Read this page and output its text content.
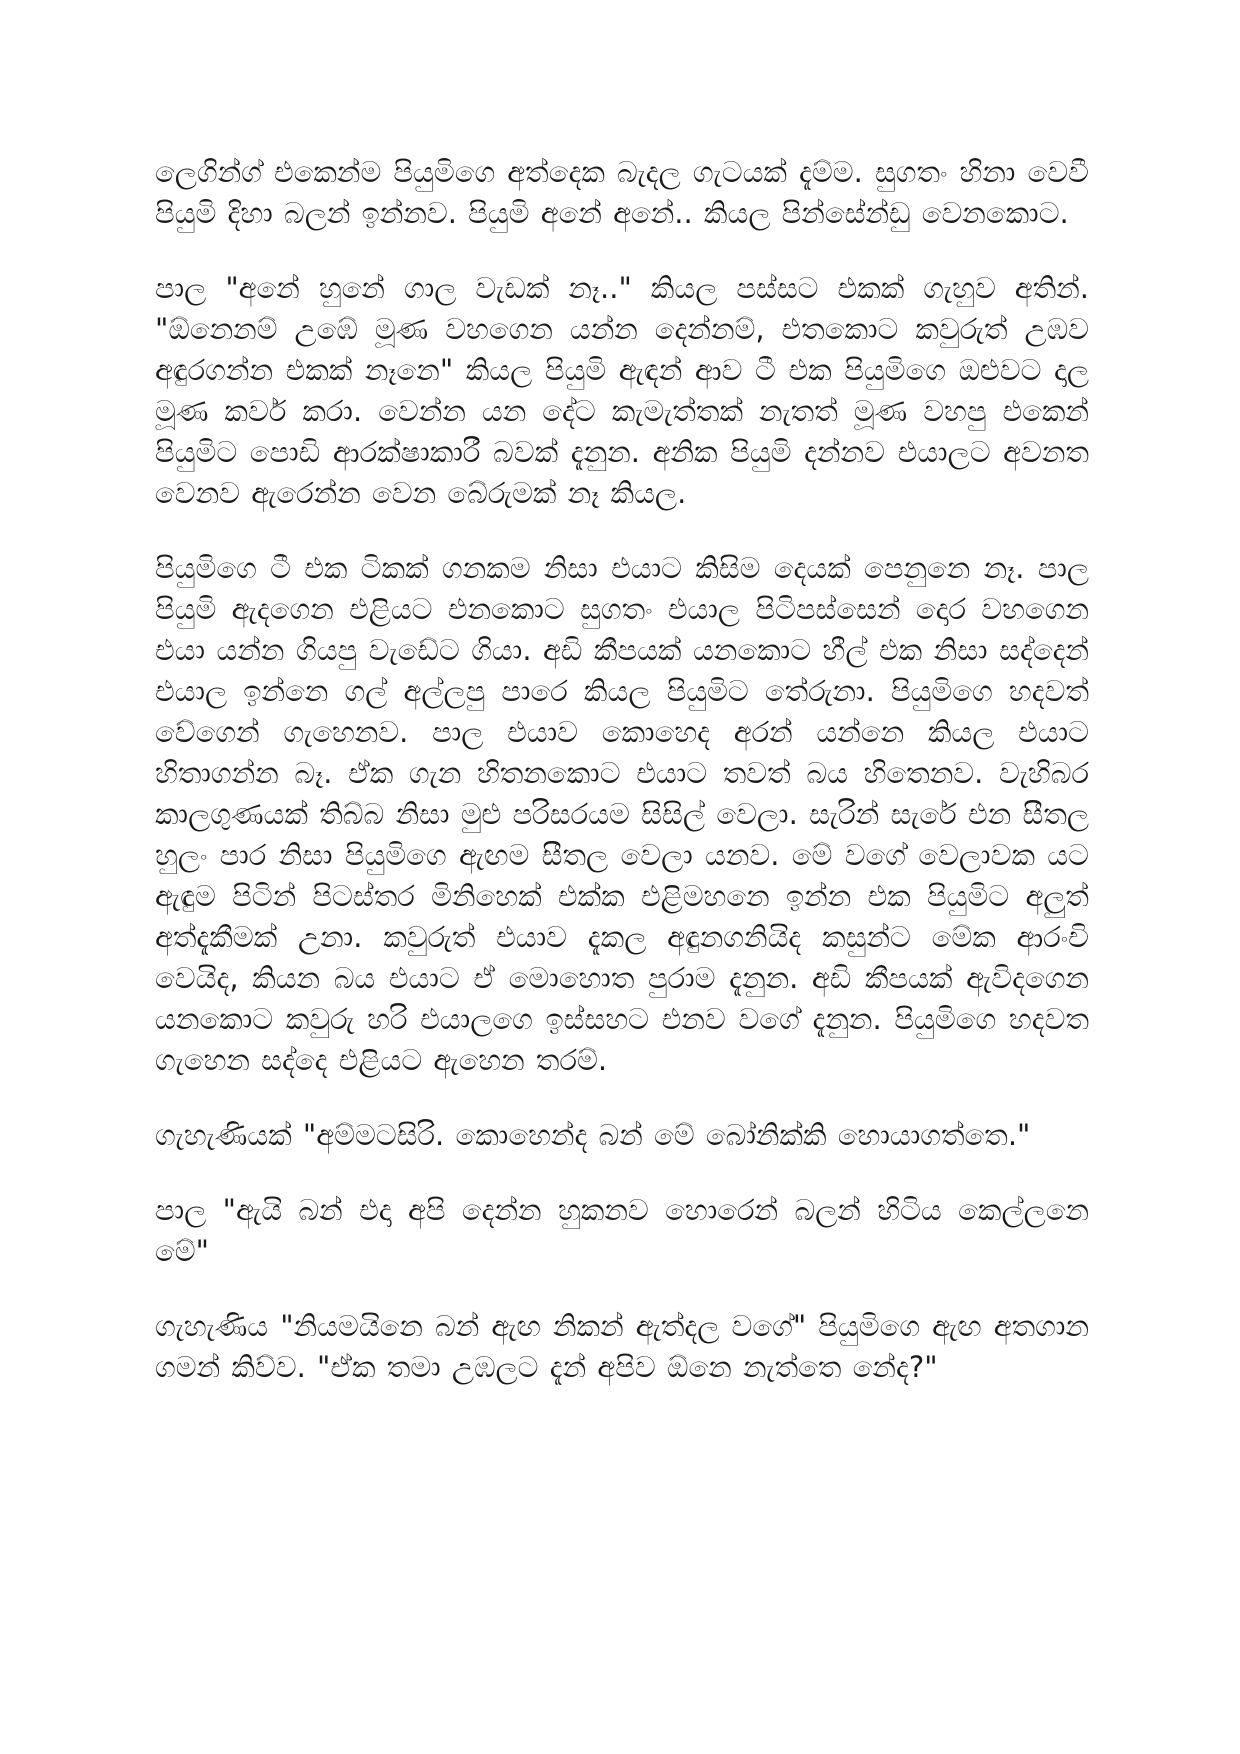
ලෙගින්ග් එකෙන්ම පියුමිගෙ අත්දෙක බැදල ගැටයක් දැම්ම. සුගතං හිනා වෙවී පියුමි දිහා බලන් ඉන්නව. පියුමි අනේ අනේ.. කියල පින්සේන්ඩු වෙනකොට.

පාල "අනේ හුනේ ගාල වැඩක් නෑ.." කියල පස්සට එකක් ගැහුව අතින්. "ඕනෙනම් උඹේ මූණ වහගෙන යන්න දෙන්නම්, එතකොට කවුරුත් උඹව අඳුරගන්න එකක් නෑනෙ" කියල පියුමි ඇඳන් ආව ටී එක පියුමිගෙ ඔළුවට දාල මූණ කවර් කරා. වෙන්න යන දේට කැමැත්තක් නැතත් මූණ වහපු එකෙන් පියුමිට පොඩි ආරක්ෂාකාරී බවක් දැනුන. අනික පියුමි දන්නව එයාලට අවනත වෙනව ඇරෙන්න වෙන බේරුමක් නෑ කියල.

පියුමිගෙ ටී එක ටිකක් ගනකම නිසා එයාට කිසිම දෙයක් පෙනුනෙ නෑ. පාල පියුමි ඇදගෙන එළියට එනකොට සුගතං එයාල පිටිපස්සෙන් දොර වහගෙන එයා යන්න ගියපු වැඩේට ගියා. අඩි කීපයක් යනකොට හීල් එක නිසා සද්දෙන් එයාල ඉන්නෙ ගල් අල්ලපු පාරෙ කියල පියුමිට තේරුනා. පියුමිගෙ හදවත් වේගෙන් ගැහෙනව. පාල එයාව කොහෙද අරන් යන්නෙ කියල එයාට හිතාගන්න බෑ. ඒක ගැන හිතනකොට එයාට තවත් බය හිතෙනව. වැහිබර කාලගුණයක් තිබ්බ නිසා මුළු පරිසරයම සිසිල් වෙලා. සැරින් සැරේ එන සීතල හුලං පාර නිසා පියුමිගෙ ඇඟම සීතල වෙලා යනව. මේ වගේ වෙලාවක යට ඇඳුම පිටින් පිටස්තර මිනිහෙක් එක්ක එළිමහනෙ ඉන්න එක පියුමිට අලුත් අත්දැකීමක් උනා. කවුරුත් එයාව දැකල අඳුනගනියිද කසුන්ට මේක ආරංචි වෙයිද, කියන බය එයාට ඒ මොහොත පුරාම දැනුන. අඩි කීපයක් ඇවිදගෙන යනකොට කවුරු හරි එයාලගෙ ඉස්සහට එනව වගේ දැනුන. පියුමිගෙ හදවත ගැහෙන සද්දෙ එළියට ඇහෙන තරම්.

ගැහැණියක් "අම්මටසිරි. කොහෙන්ද බන් මේ බෝනික්කි හොයාගත්තෙ."

පාල "ඇයි බන් එදා අපි දෙන්න හුකනව හොරෙන් බලන් හිටිය කෙල්ලනෙ මේ"

ගැහැණිය "නියමයිනෙ බන් ඇඟ නිකන් ඇත්දල වගේ" පියුමිගෙ ඇඟ අතගාන ගමන් කිව්ව. "ඒක තමා උඹලට දැන් අපිව ඕනෙ නැත්තෙ නේද?"
